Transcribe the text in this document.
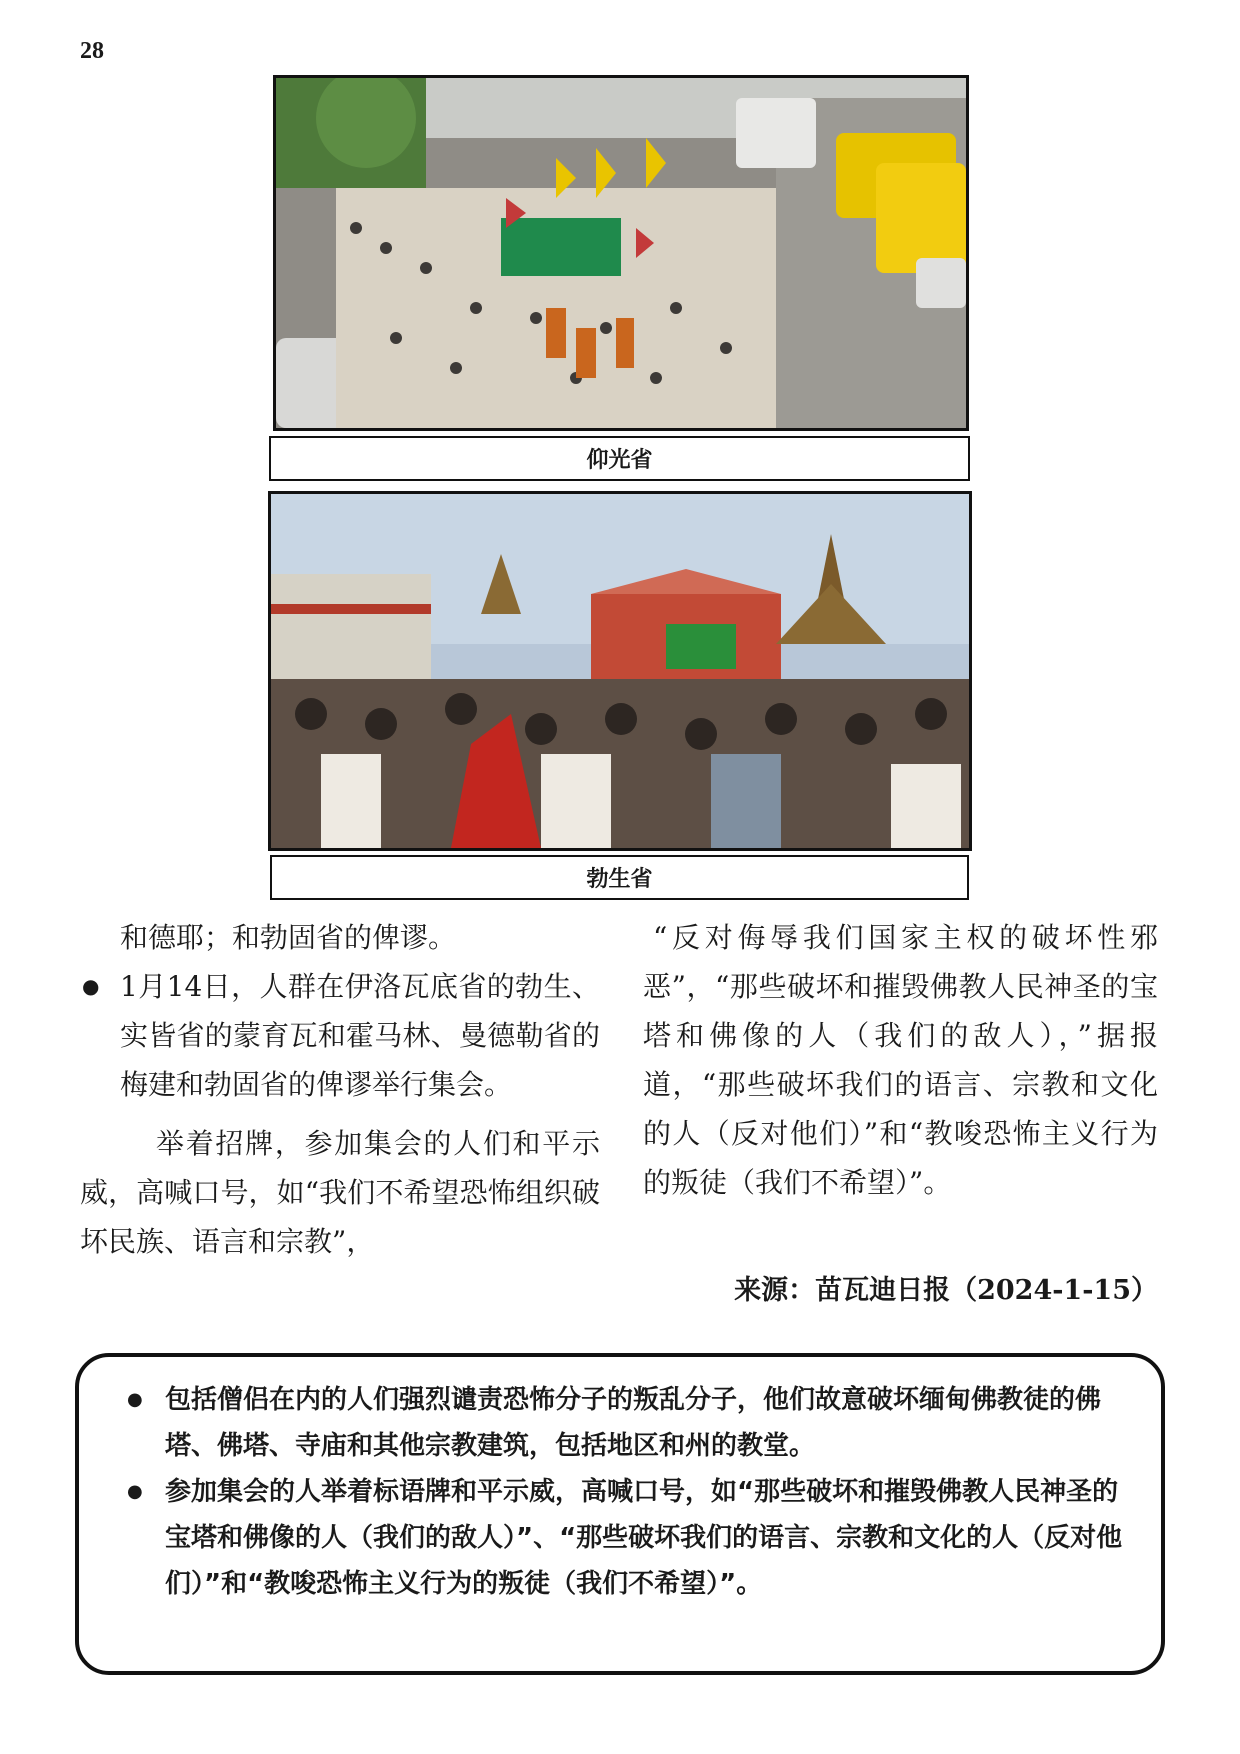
28
仰光省
勃生省

和德耶；和勃固省的俾谬。

● 1月14日，人群在伊洛瓦底省的勃生、实皆省的蒙育瓦和霍马林、曼德勒省的梅建和勃固省的俾谬举行集会。

举着招牌，参加集会的人们和平示威，高喊口号，如“我们不希望恐怖组织破坏民族、语言和宗教”，

“反对侮辱我们国家主权的破坏性邪恶”，“那些破坏和摧毁佛教人民神圣的宝塔和佛像的人（我们的敌人），”据报道，“那些破坏我们的语言、宗教和文化的人（反对他们）”和“教唆恐怖主义行为的叛徒（我们不希望）”。

来源：苗瓦迪日报（2024-1-15）
● 包括僧侣在内的人们强烈谴责恐怖分子的叛乱分子，他们故意破坏缅甸佛教徒的佛塔、佛塔、寺庙和其他宗教建筑，包括地区和州的教堂。
● 参加集会的人举着标语牌和平示威，高喊口号，如“那些破坏和摧毁佛教人民神圣的宝塔和佛像的人（我们的敌人）”、“那些破坏我们的语言、宗教和文化的人（反对他们）”和“教唆恐怖主义行为的叛徒（我们不希望）”。
